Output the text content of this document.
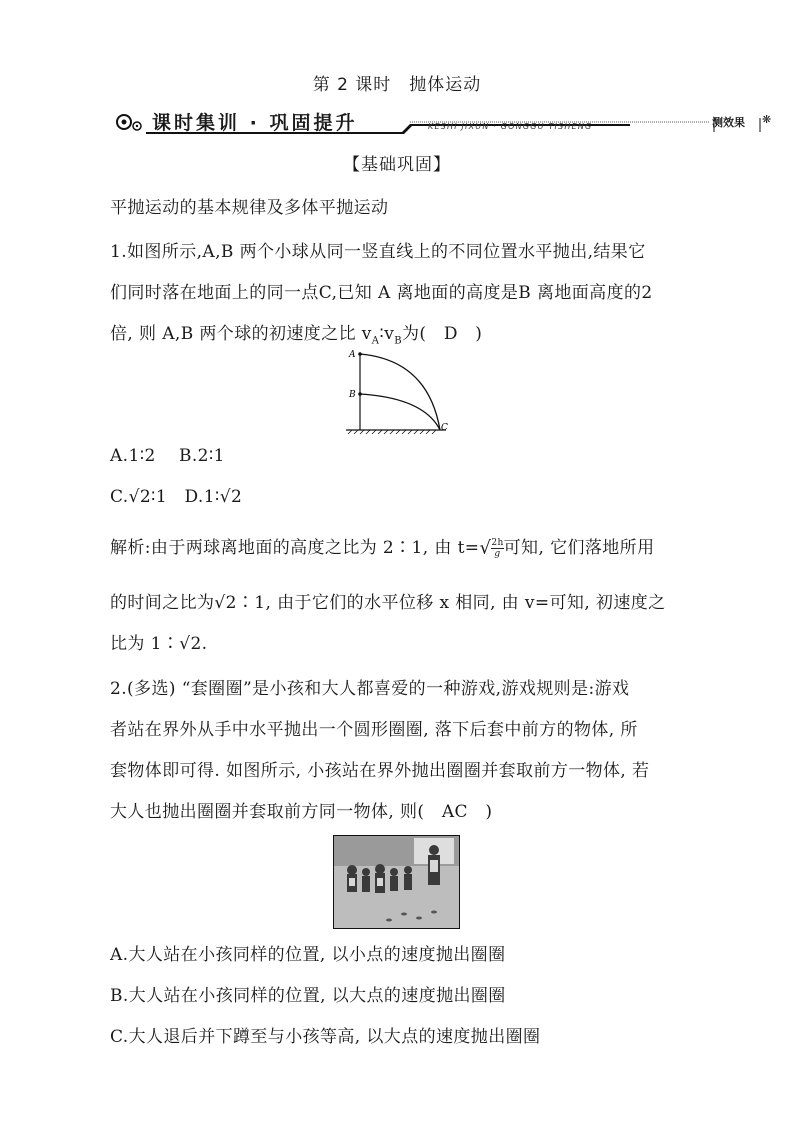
第 2 课时　抛体运动
课时集训 · 巩固提升	KESHI JIXUN · GONGGU TISHENG	测效果 ❋
【基础巩固】
平抛运动的基本规律及多体平抛运动
1.如图所示,A,B 两个小球从同一竖直线上的不同位置水平抛出,结果它
们同时落在地面上的同一点C,已知 A 离地面的高度是B 离地面高度的2
倍, 则 A,B 两个球的初速度之比 $v_A∶v_B$为(　D　)
A
B
C
A.1∶2　 B.2∶1
C.√2∶1　D.1∶√2
解析:由于两球离地面的高度之比为 2∶1, 由 $t=√ \frac{2h}{g}$ 可知, 它们落地所用
的时间之比为√2∶1, 由于它们的水平位移 x 相同, 由 v=可知, 初速度之
比为 1∶√2.
2.(多选) “套圈圈”是小孩和大人都喜爱的一种游戏,游戏规则是:游戏
者站在界外从手中水平抛出一个圆形圈圈, 落下后套中前方的物体, 所
套物体即可得. 如图所示, 小孩站在界外抛出圈圈并套取前方一物体, 若
大人也抛出圈圈并套取前方同一物体, 则(　AC　)
A.大人站在小孩同样的位置, 以小点的速度抛出圈圈
B.大人站在小孩同样的位置, 以大点的速度抛出圈圈
C.大人退后并下蹲至与小孩等高, 以大点的速度抛出圈圈
